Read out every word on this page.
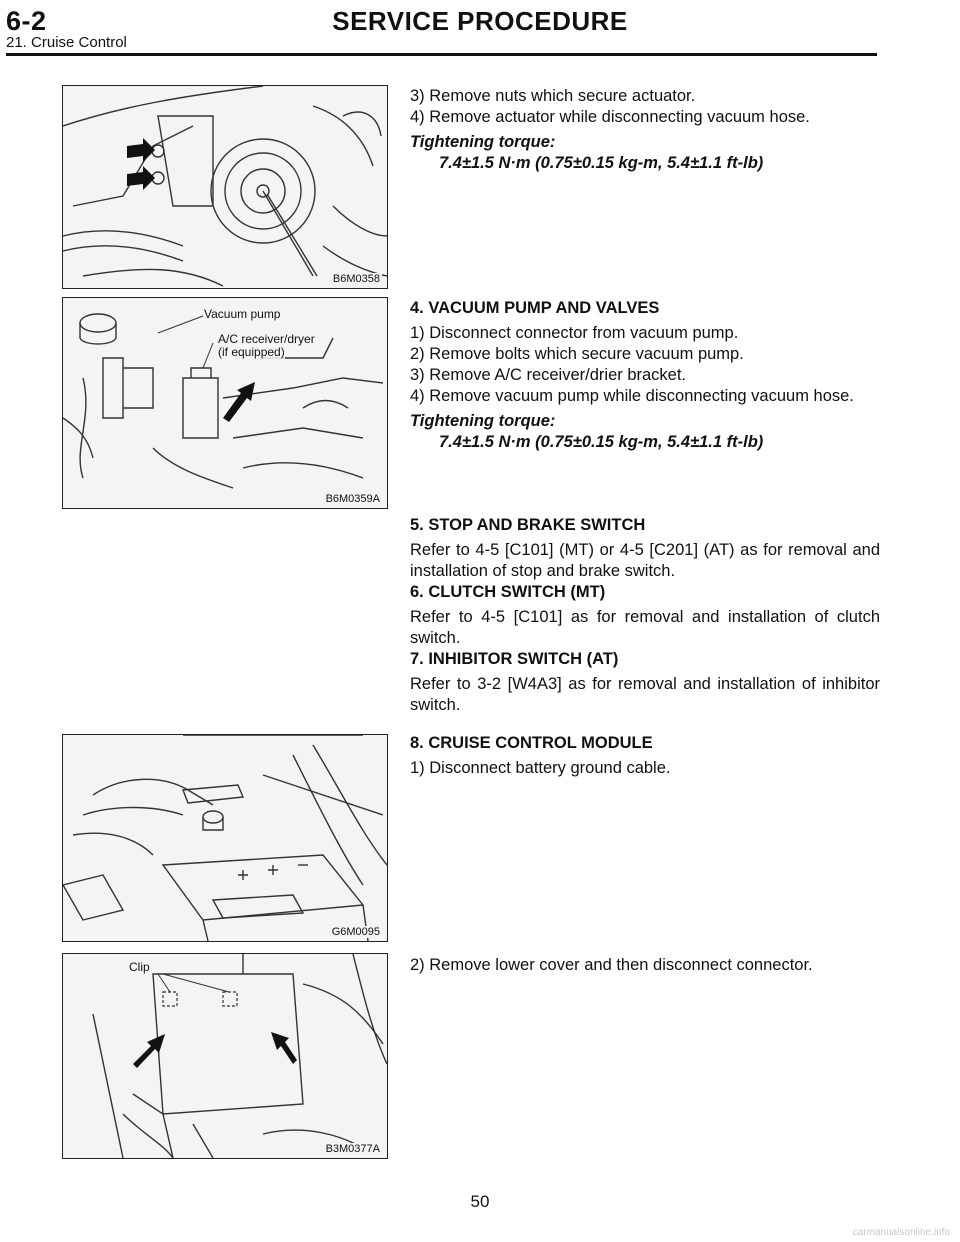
6-2	SERVICE PROCEDURE
21. Cruise Control
B6M0358
Vacuum pump
A/C receiver/dryer
(if equipped)
B6M0359A
G6M0095
Clip
B3M0377A

3) Remove nuts which secure actuator.

4) Remove actuator while disconnecting vacuum hose.

Tightening torque:

7.4±1.5 N·m (0.75±0.15 kg-m, 5.4±1.1 ft-lb)

4. VACUUM PUMP AND VALVES

1) Disconnect connector from vacuum pump.

2) Remove bolts which secure vacuum pump.

3) Remove A/C receiver/drier bracket.

4) Remove vacuum pump while disconnecting vacuum hose.

Tightening torque:

7.4±1.5 N·m (0.75±0.15 kg-m, 5.4±1.1 ft-lb)

5. STOP AND BRAKE SWITCH

Refer to 4-5 [C101] (MT) or 4-5 [C201] (AT) as for removal and installation of stop and brake switch.

6. CLUTCH SWITCH (MT)

Refer to 4-5 [C101] as for removal and installation of clutch switch.

7. INHIBITOR SWITCH (AT)

Refer to 3-2 [W4A3] as for removal and installation of inhibitor switch.

8. CRUISE CONTROL MODULE

1) Disconnect battery ground cable.

2) Remove lower cover and then disconnect connector.

50
carmanualsonline.info
